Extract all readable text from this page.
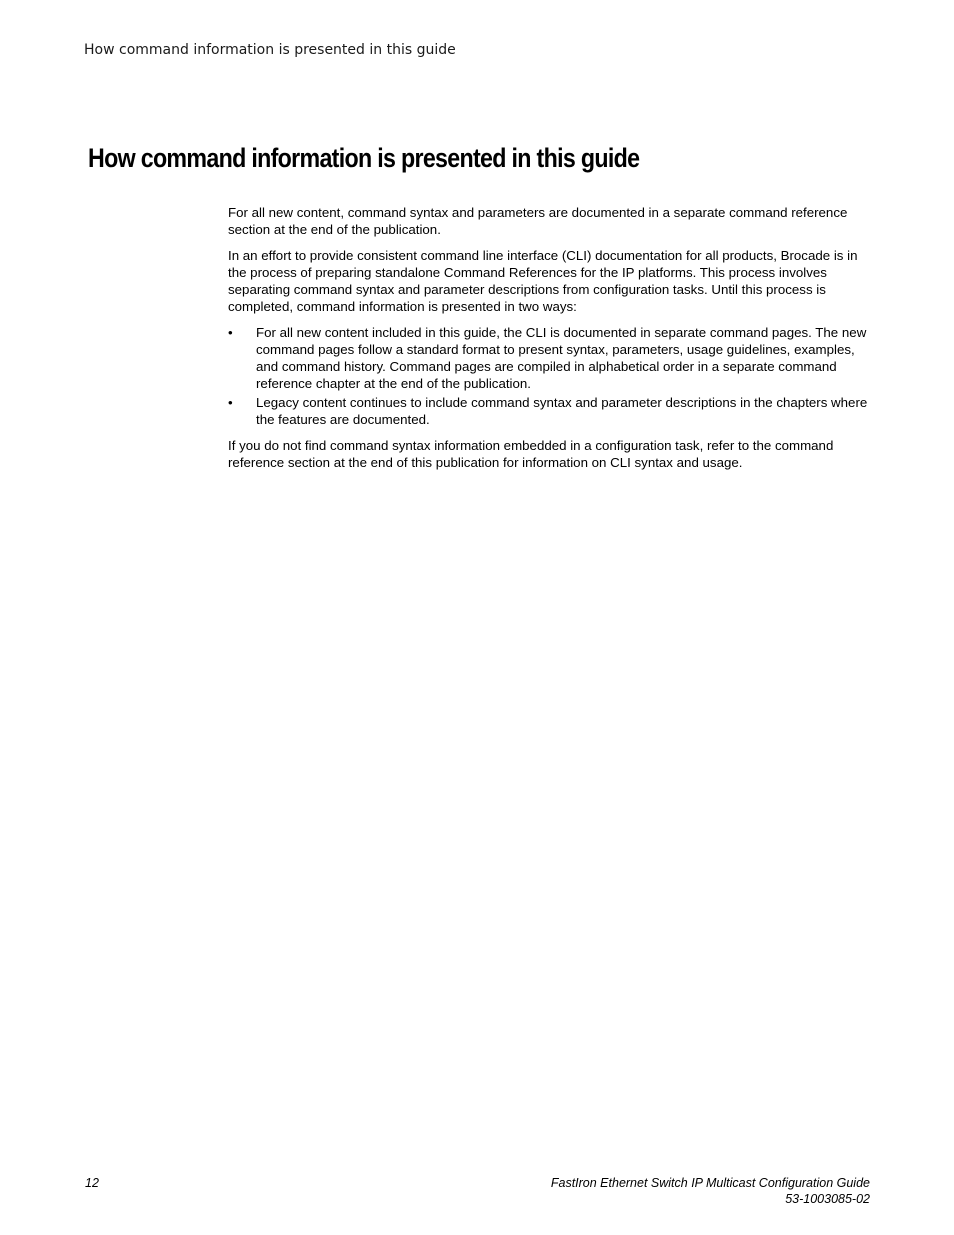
How command information is presented in this guide
How command information is presented in this guide

For all new content, command syntax and parameters are documented in a separate command reference section at the end of the publication.

In an effort to provide consistent command line interface (CLI) documentation for all products, Brocade is in the process of preparing standalone Command References for the IP platforms. This process involves separating command syntax and parameter descriptions from configuration tasks. Until this process is completed, command information is presented in two ways:

• For all new content included in this guide, the CLI is documented in separate command pages. The new command pages follow a standard format to present syntax, parameters, usage guidelines, examples, and command history. Command pages are compiled in alphabetical order in a separate command reference chapter at the end of the publication.
• Legacy content continues to include command syntax and parameter descriptions in the chapters where the features are documented.

If you do not find command syntax information embedded in a configuration task, refer to the command reference section at the end of this publication for information on CLI syntax and usage.

12	FastIron Ethernet Switch IP Multicast Configuration Guide
53-1003085-02
